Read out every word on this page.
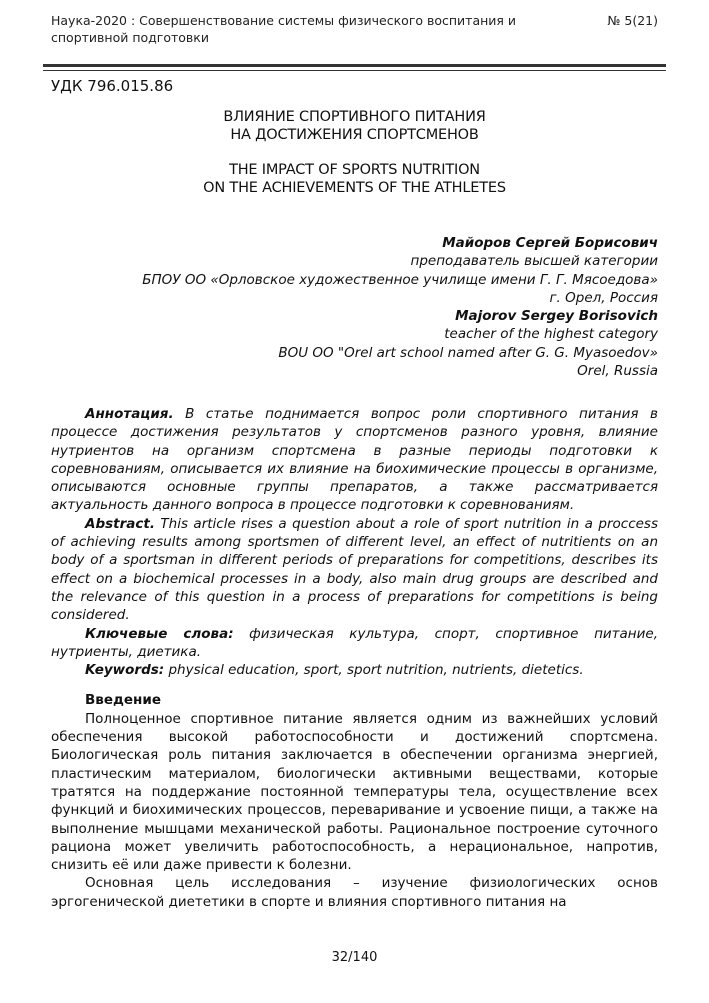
Наука-2020 : Совершенствование системы физического воспитания и спортивной подготовки
№ 5(21)
УДК 796.015.86
ВЛИЯНИЕ СПОРТИВНОГО ПИТАНИЯ
НА ДОСТИЖЕНИЯ СПОРТСМЕНОВ
THE IMPACT OF SPORTS NUTRITION
ON THE ACHIEVEMENTS OF THE ATHLETES
Майоров Сергей Борисович
преподаватель высшей категории
БПОУ ОО «Орловское художественное училище имени Г. Г. Мясоедова»
г. Орел, Россия
Majorov Sergey Borisovich
teacher of the highest category
BOU OO "Orel art school named after G. G. Myasoedov»
Orel, Russia

Аннотация. В статье поднимается вопрос роли спортивного питания в процессе достижения результатов у спортсменов разного уровня, влияние нутриентов на организм спортсмена в разные периоды подготовки к соревнованиям, описывается их влияние на биохимические процессы в организме, описываются основные группы препаратов, а также рассматривается актуальность данного вопроса в процессе подготовки к соревнованиям.

Abstract. This article rises a question about a role of sport nutrition in a proccess of achieving results among sportsmen of different level, an effect of nutritients on an body of a sportsman in different periods of preparations for competitions, describes its effect on a biochemical processes in a body, also main drug groups are described and the relevance of this question in a process of preparations for competitions is being considered.

Ключевые слова: физическая культура, спорт, спортивное питание, нутриенты, диетика.

Keywords: physical education, sport, sport nutrition, nutrients, dietetics.

Введение

Полноценное спортивное питание является одним из важнейших условий обеспечения высокой работоспособности и достижений спортсмена. Биологическая роль питания заключается в обеспечении организма энергией, пластическим материалом, биологически активными веществами, которые тратятся на поддержание постоянной температуры тела, осуществление всех функций и биохимических процессов, переваривание и усвоение пищи, а также на выполнение мышцами механической работы. Рациональное построение суточного рациона может увеличить работоспособность, а нерациональное, напротив, снизить её или даже привести к болезни.

Основная цель исследования – изучение физиологических основ эргогенической диететики в спорте и влияния спортивного питания на

32/140
